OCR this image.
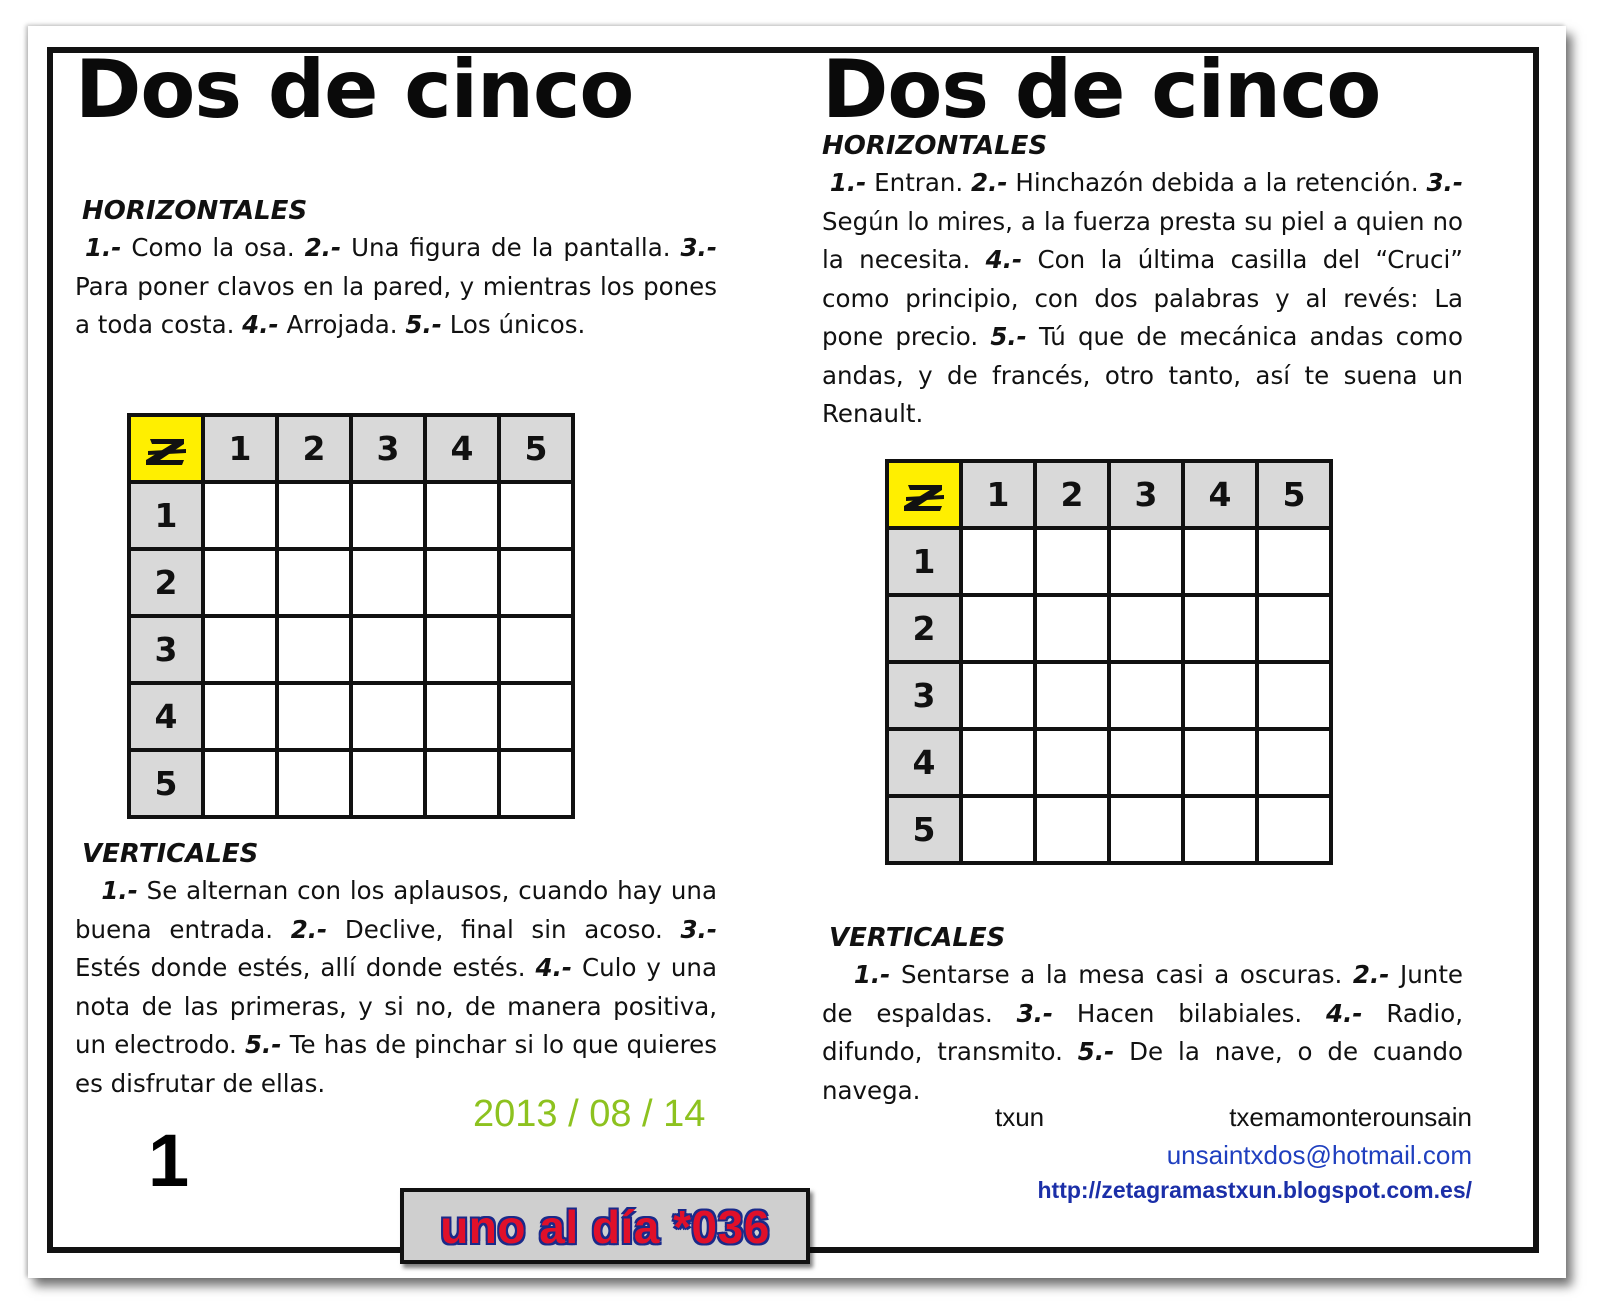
Dos de cinco
HORIZONTALES
1.- Como la osa. 2.- Una figura de la pantalla. 3.- Para poner clavos en la pared, y mientras los pones a toda costa. 4.- Arrojada. 5.- Los únicos.
	1	2	3	4	5
1					
2					
3					
4					
5					
VERTICALES
1.- Se alternan con los aplausos, cuando hay una buena entrada. 2.- Declive, final sin acoso. 3.- Estés donde estés, allí donde estés. 4.- Culo y una nota de las primeras, y si no, de manera positiva, un electrodo. 5.- Te has de pinchar si lo que quieres es disfrutar de ellas.
2013 / 08 / 14
1
Dos de cinco
HORIZONTALES
1.- Entran. 2.- Hinchazón debida a la retención. 3.- Según lo mires, a la fuerza presta su piel a quien no la necesita. 4.- Con la última casilla del “Cruci” como principio, con dos palabras y al revés: La pone precio. 5.- Tú que de mecánica andas como andas, y de francés, otro tanto, así te suena un Renault.
	1	2	3	4	5
1					
2					
3					
4					
5					
VERTICALES
1.- Sentarse a la mesa casi a oscuras. 2.- Junte de espaldas. 3.- Hacen bilabiales. 4.- Radio, difundo, transmito. 5.- De la nave, o de cuando navega.
txun	txemamonterounsain
unsaintxdos@hotmail.com
http://zetagramastxun.blogspot.com.es/
uno al día *036
